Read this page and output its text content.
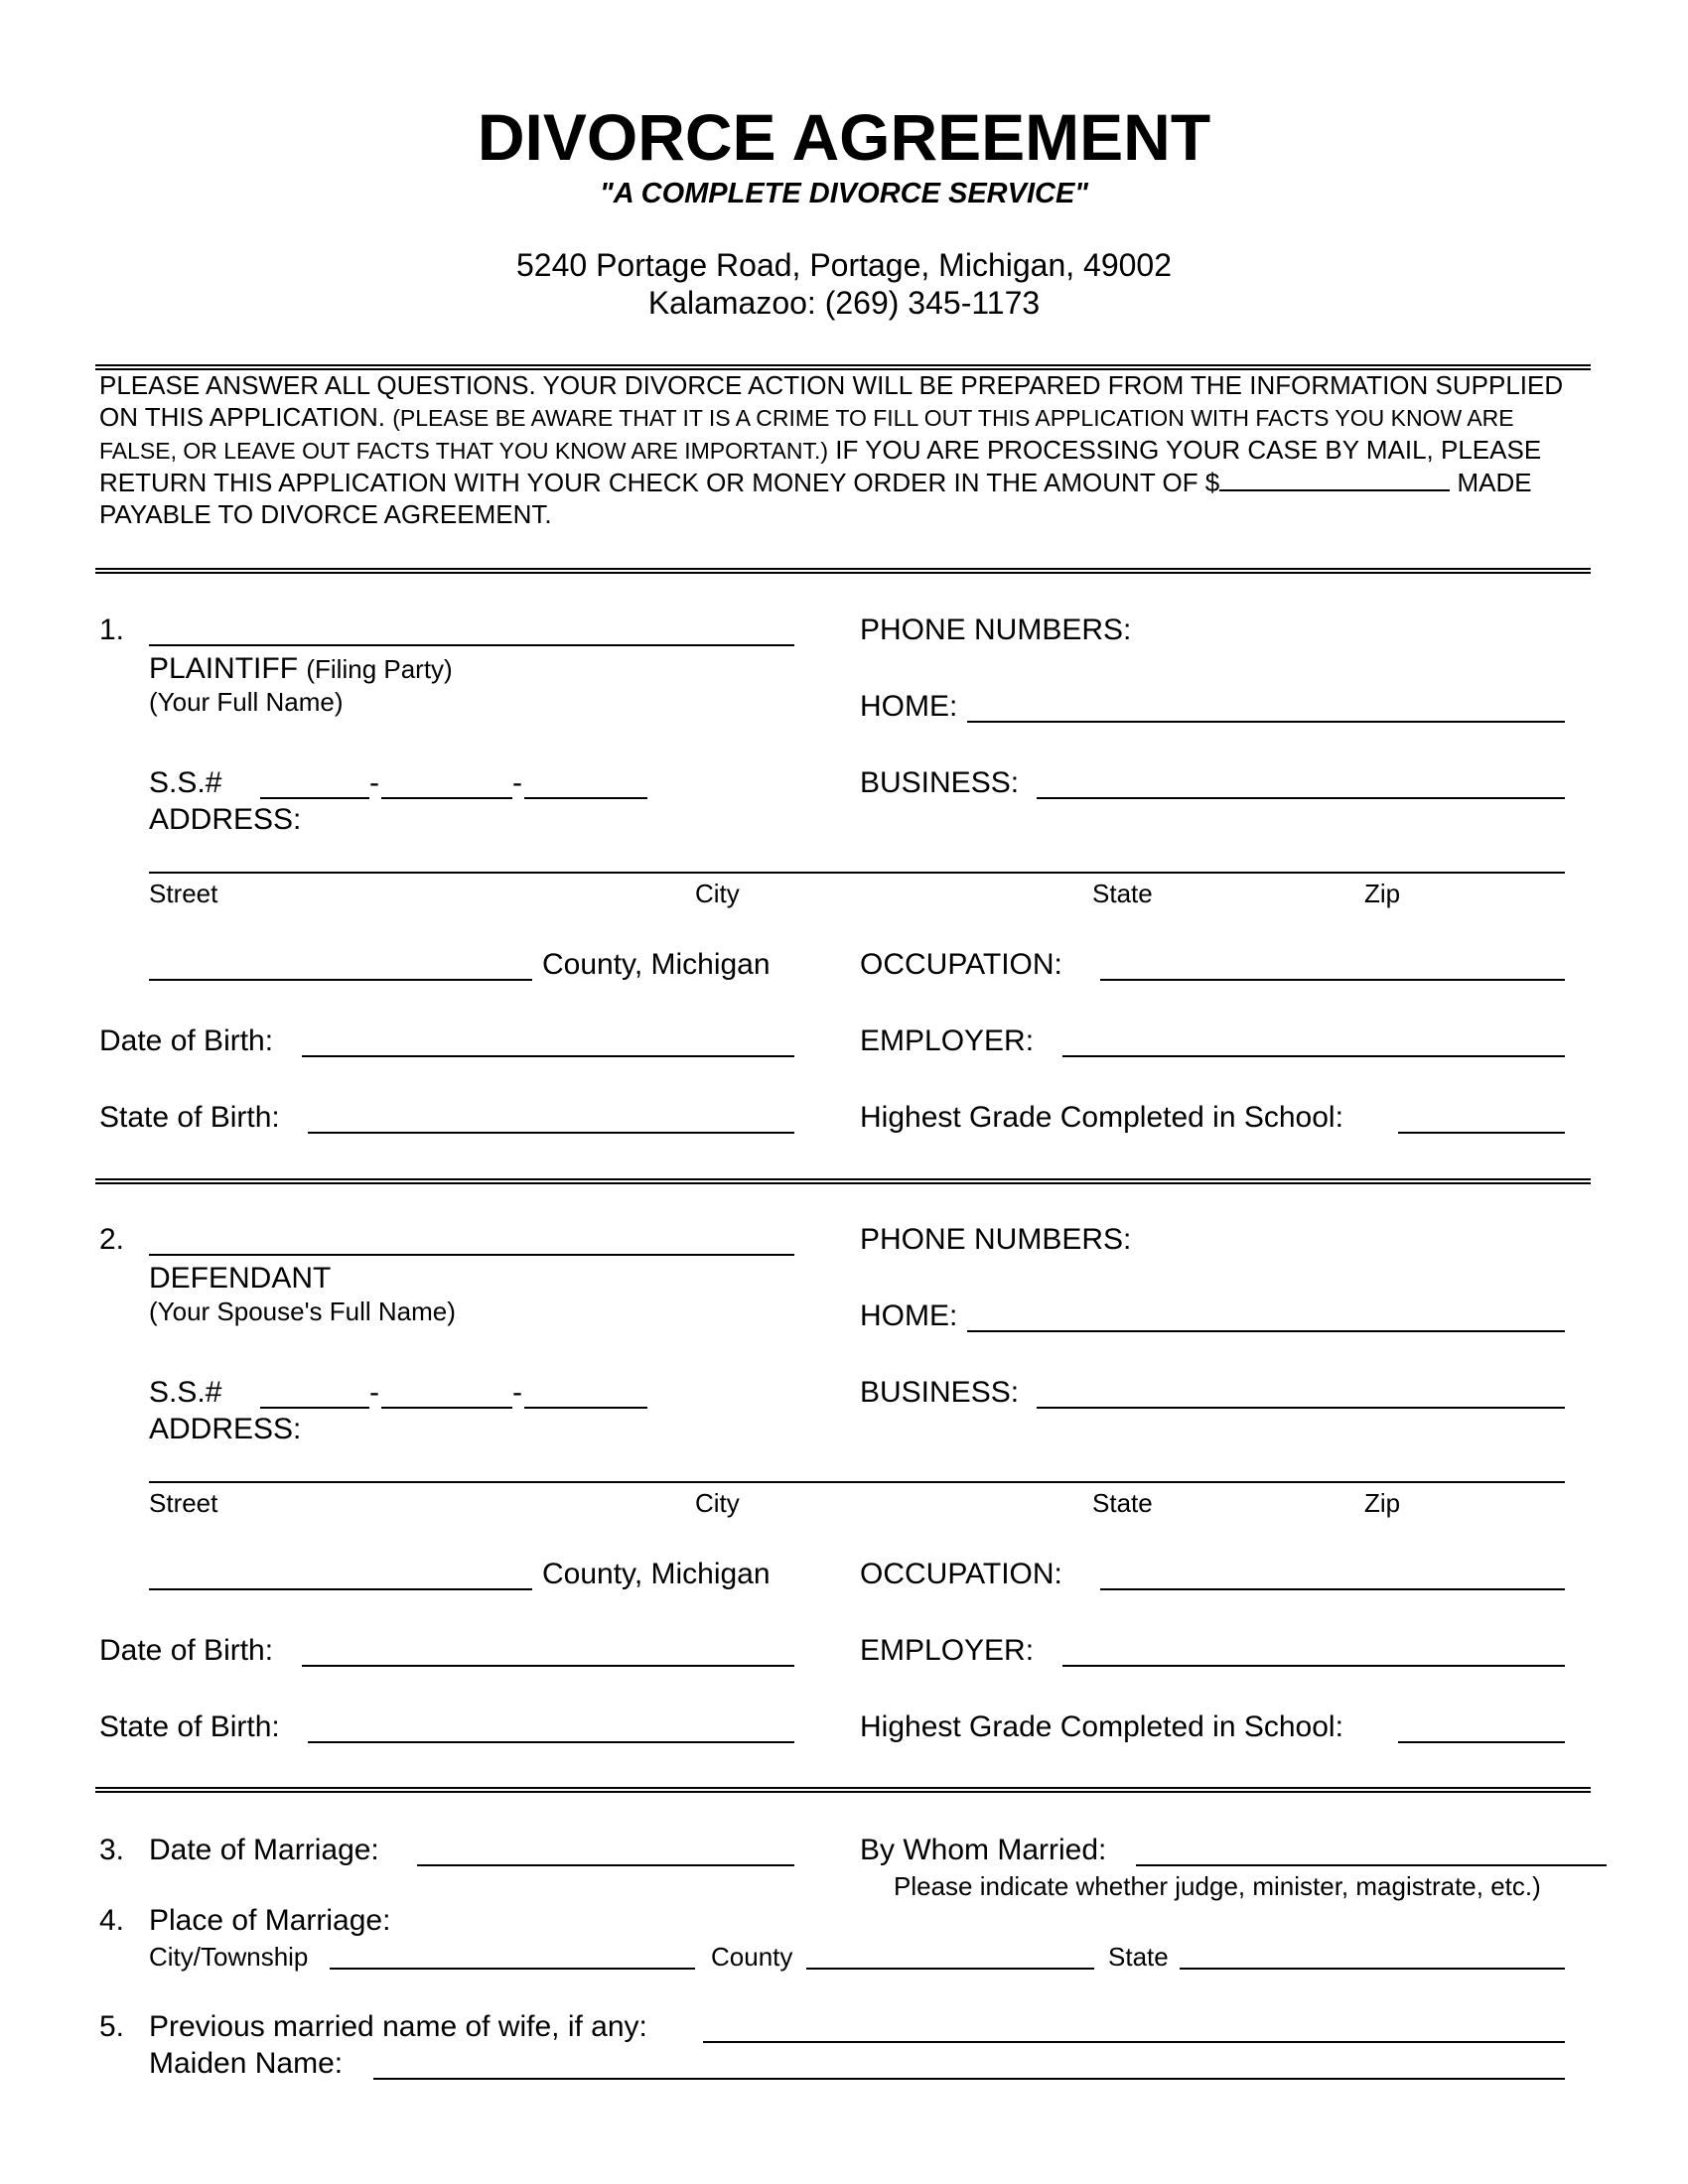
DIVORCE AGREEMENT
"A COMPLETE DIVORCE SERVICE"
5240 Portage Road, Portage, Michigan, 49002
Kalamazoo: (269) 345-1173
PLEASE ANSWER ALL QUESTIONS. YOUR DIVORCE ACTION WILL BE PREPARED FROM THE INFORMATION SUPPLIED ON THIS APPLICATION. (PLEASE BE AWARE THAT IT IS A CRIME TO FILL OUT THIS APPLICATION WITH FACTS YOU KNOW ARE FALSE, OR LEAVE OUT FACTS THAT YOU KNOW ARE IMPORTANT.) IF YOU ARE PROCESSING YOUR CASE BY MAIL, PLEASE RETURN THIS APPLICATION WITH YOUR CHECK OR MONEY ORDER IN THE AMOUNT OF $	MADE PAYABLE TO DIVORCE AGREEMENT.
1.
PLAINTIFF (Filing Party)
(Your Full Name)
S.S.#	-	-
ADDRESS:
Street	City	State	Zip
County, Michigan
Date of Birth:
State of Birth:
PHONE NUMBERS:
HOME:
BUSINESS:
OCCUPATION:
EMPLOYER:
Highest Grade Completed in School:
2.
DEFENDANT
(Your Spouse's Full Name)
S.S.#	-	-
ADDRESS:
Street	City	State	Zip
County, Michigan
Date of Birth:
State of Birth:
PHONE NUMBERS:
HOME:
BUSINESS:
OCCUPATION:
EMPLOYER:
Highest Grade Completed in School:
3. Date of Marriage:	By Whom Married:
Please indicate whether judge, minister, magistrate, etc.)
4. Place of Marriage:
City/Township	County	State
5. Previous married name of wife, if any:
Maiden Name:
